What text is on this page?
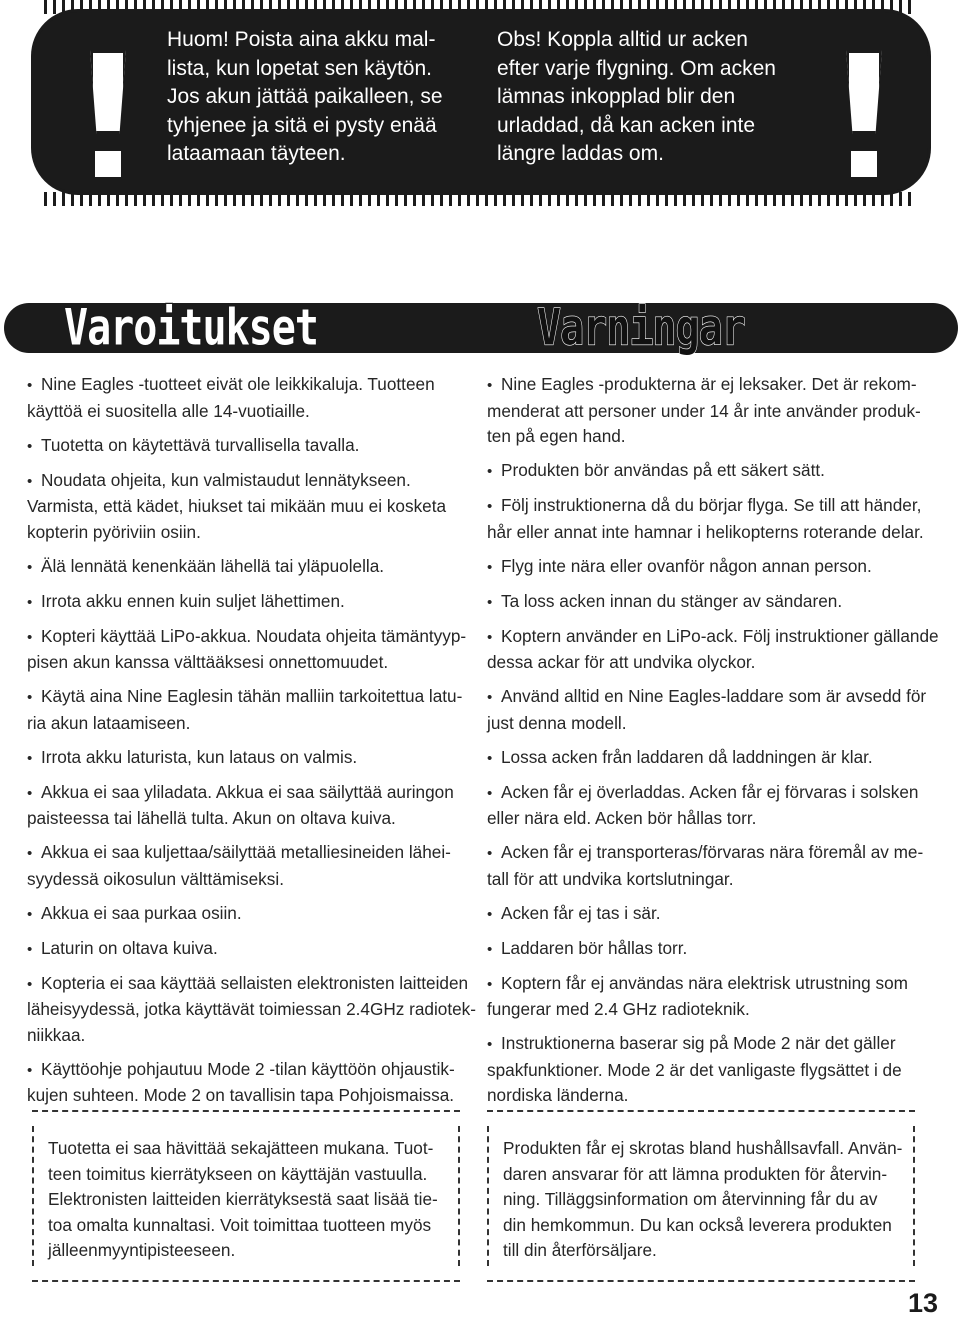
Huom! Poista aina akku mal-
lista, kun lopetat sen käytön.
Jos akun jättää paikalleen, se
tyhjenee ja sitä ei pysty enää
lataamaan täyteen.
Obs! Koppla alltid ur acken
efter varje flygning. Om acken
lämnas inkopplad blir den
urladdad, då kan acken inte
längre laddas om.
Varoitukset	Varningar
• Nine Eagles -tuotteet eivät ole leikkikaluja. Tuotteen
käyttöä ei suositella alle 14-vuotiaille.
• Tuotetta on käytettävä turvallisella tavalla.
• Noudata ohjeita, kun valmistaudut lennätykseen.
Varmista, että kädet, hiukset tai mikään muu ei kosketa
kopterin pyöriviin osiin.
• Älä lennätä kenenkään lähellä tai yläpuolella.
• Irrota akku ennen kuin suljet lähettimen.
• Kopteri käyttää LiPo-akkua. Noudata ohjeita tämäntyyp-
pisen akun kanssa välttääksesi onnettomuudet.
• Käytä aina Nine Eaglesin tähän malliin tarkoitettua latu-
ria akun lataamiseen.
• Irrota akku laturista, kun lataus on valmis.
• Akkua ei saa yliladata. Akkua ei saa säilyttää auringon
paisteessa tai lähellä tulta. Akun on oltava kuiva.
• Akkua ei saa kuljettaa/säilyttää metalliesineiden lähei-
syydessä oikosulun välttämiseksi.
• Akkua ei saa purkaa osiin.
• Laturin on oltava kuiva.
• Kopteria ei saa käyttää sellaisten elektronisten laitteiden
läheisyydessä, jotka käyttävät toimiessan 2.4GHz radiotek-
niikkaa.
• Käyttöohje pohjautuu Mode 2 -tilan käyttöön ohjaustik-
kujen suhteen. Mode 2 on tavallisin tapa Pohjoismaissa.
• Nine Eagles -produkterna är ej leksaker. Det är rekom-
menderat att personer under 14 år inte använder produk-
ten på egen hand.
• Produkten bör användas på ett säkert sätt.
• Följ instruktionerna då du börjar flyga. Se till att händer,
hår eller annat inte hamnar i helikopterns roterande delar.
• Flyg inte nära eller ovanför någon annan person.
• Ta loss acken innan du stänger av sändaren.
• Koptern använder en LiPo-ack. Följ instruktioner gällande
dessa ackar för att undvika olyckor.
• Använd alltid en Nine Eagles-laddare som är avsedd för
just denna modell.
• Lossa acken från laddaren då laddningen är klar.
• Acken får ej överladdas. Acken får ej förvaras i solsken
eller nära eld. Acken bör hållas torr.
• Acken får ej transporteras/förvaras nära föremål av me-
tall för att undvika kortslutningar.
• Acken får ej tas i sär.
• Laddaren bör hållas torr.
• Koptern får ej användas nära elektrisk utrustning som
fungerar med 2.4 GHz radioteknik.
• Instruktionerna baserar sig på Mode 2 när det gäller
spakfunktioner. Mode 2 är det vanligaste flygsättet i de
nordiska länderna.
Tuotetta ei saa hävittää sekajätteen mukana. Tuot-
teen toimitus kierrätykseen on käyttäjän vastuulla.
Elektronisten laitteiden kierrätyksestä saat lisää tie-
toa omalta kunnaltasi. Voit toimittaa tuotteen myös
jälleenmyyntipisteeseen.
Produkten får ej skrotas bland hushållsavfall. Använ-
daren ansvarar för att lämna produkten för återvin-
ning. Tilläggsinformation om återvinning får du av
din hemkommun. Du kan också leverera produkten
till din återförsäljare.
13
